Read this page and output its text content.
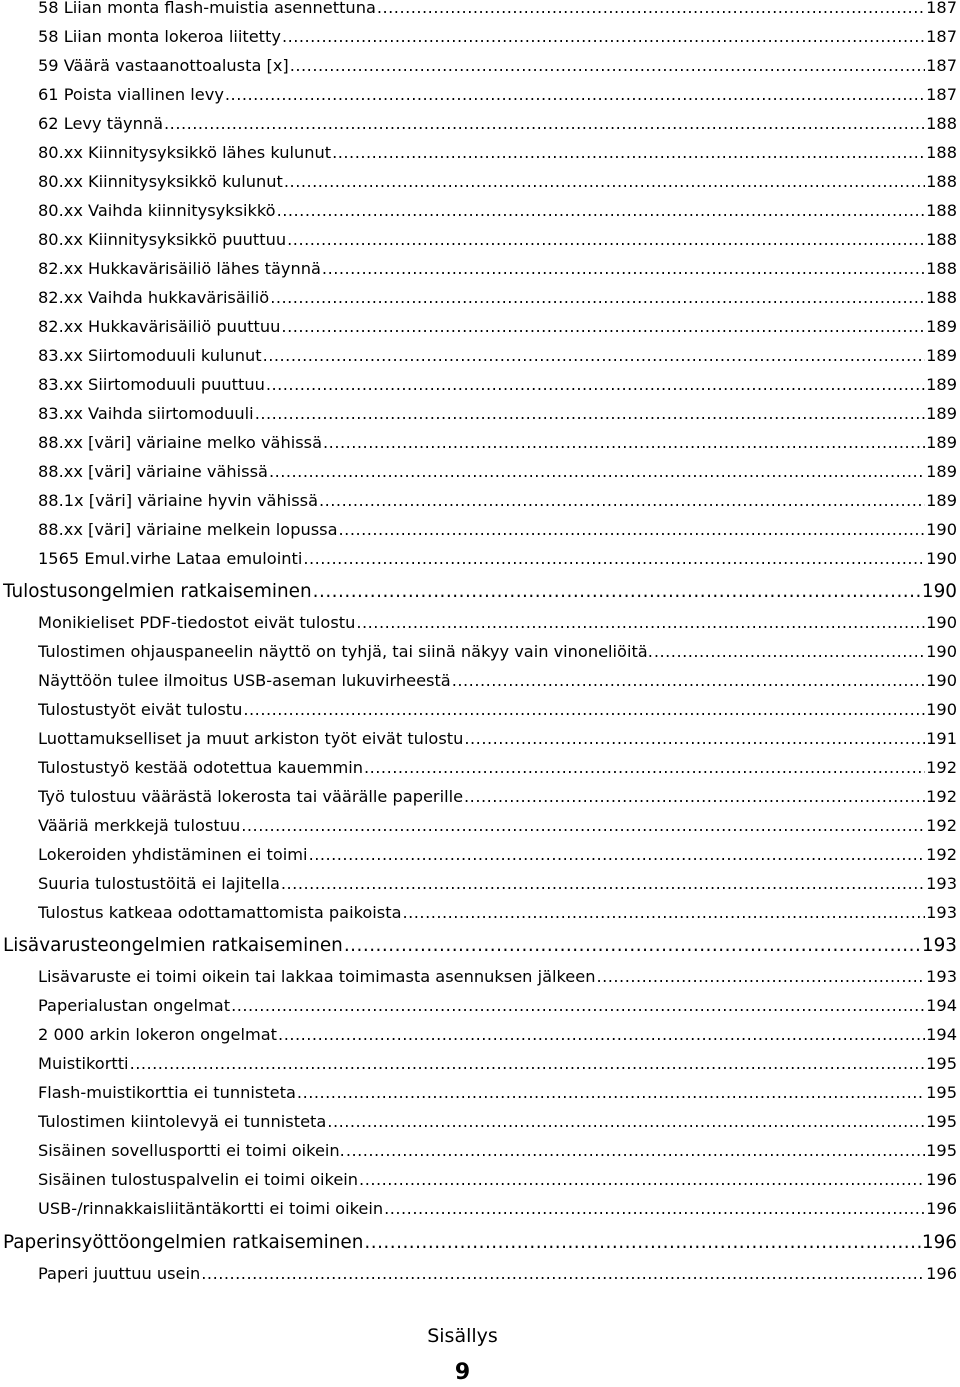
58 Liian monta flash-muistia asennettuna .....	187
58 Liian monta lokeroa liitetty .....	187
59 Väärä vastaanottoalusta [x] .....	187
61 Poista viallinen levy .....	187
62 Levy täynnä .....	188
80.xx Kiinnitysyksikkö lähes kulunut .....	188
80.xx Kiinnitysyksikkö kulunut .....	188
80.xx Vaihda kiinnitysyksikkö .....	188
80.xx Kiinnitysyksikkö puuttuu .....	188
82.xx Hukkavärisäiliö lähes täynnä .....	188
82.xx Vaihda hukkavärisäiliö .....	188
82.xx Hukkavärisäiliö puuttuu .....	189
83.xx Siirtomoduuli kulunut .....	189
83.xx Siirtomoduuli puuttuu .....	189
83.xx Vaihda siirtomoduuli .....	189
88.xx [väri] väriaine melko vähissä .....	189
88.xx [väri] väriaine vähissä .....	189
88.1x [väri] väriaine hyvin vähissä .....	189
88.xx [väri] väriaine melkein lopussa .....	190
1565 Emul.virhe Lataa emulointi .....	190
Tulostusongelmien ratkaiseminen .....	190
Monikieliset PDF-tiedostot eivät tulostu .....	190
Tulostimen ohjauspaneelin näyttö on tyhjä, tai siinä näkyy vain vinoneliöitä. .....	190
Näyttöön tulee ilmoitus USB-aseman lukuvirheestä .....	190
Tulostustyöt eivät tulostu .....	190
Luottamukselliset ja muut arkiston työt eivät tulostu .....	191
Tulostustyö kestää odotettua kauemmin .....	192
Työ tulostuu väärästä lokerosta tai väärälle paperille .....	192
Vääriä merkkejä tulostuu .....	192
Lokeroiden yhdistäminen ei toimi .....	192
Suuria tulostustöitä ei lajitella .....	193
Tulostus katkeaa odottamattomista paikoista .....	193
Lisävarusteongelmien ratkaiseminen .....	193
Lisävaruste ei toimi oikein tai lakkaa toimimasta asennuksen jälkeen .....	193
Paperialustan ongelmat .....	194
2 000 arkin lokeron ongelmat .....	194
Muistikortti .....	195
Flash-muistikorttia ei tunnisteta .....	195
Tulostimen kiintolevyä ei tunnisteta .....	195
Sisäinen sovellusportti ei toimi oikein. .....	195
Sisäinen tulostuspalvelin ei toimi oikein .....	196
USB-/rinnakkaisliitäntäkortti ei toimi oikein .....	196
Paperinsyöttöongelmien ratkaiseminen .....	196
Paperi juuttuu usein .....	196
Sisällys
9
